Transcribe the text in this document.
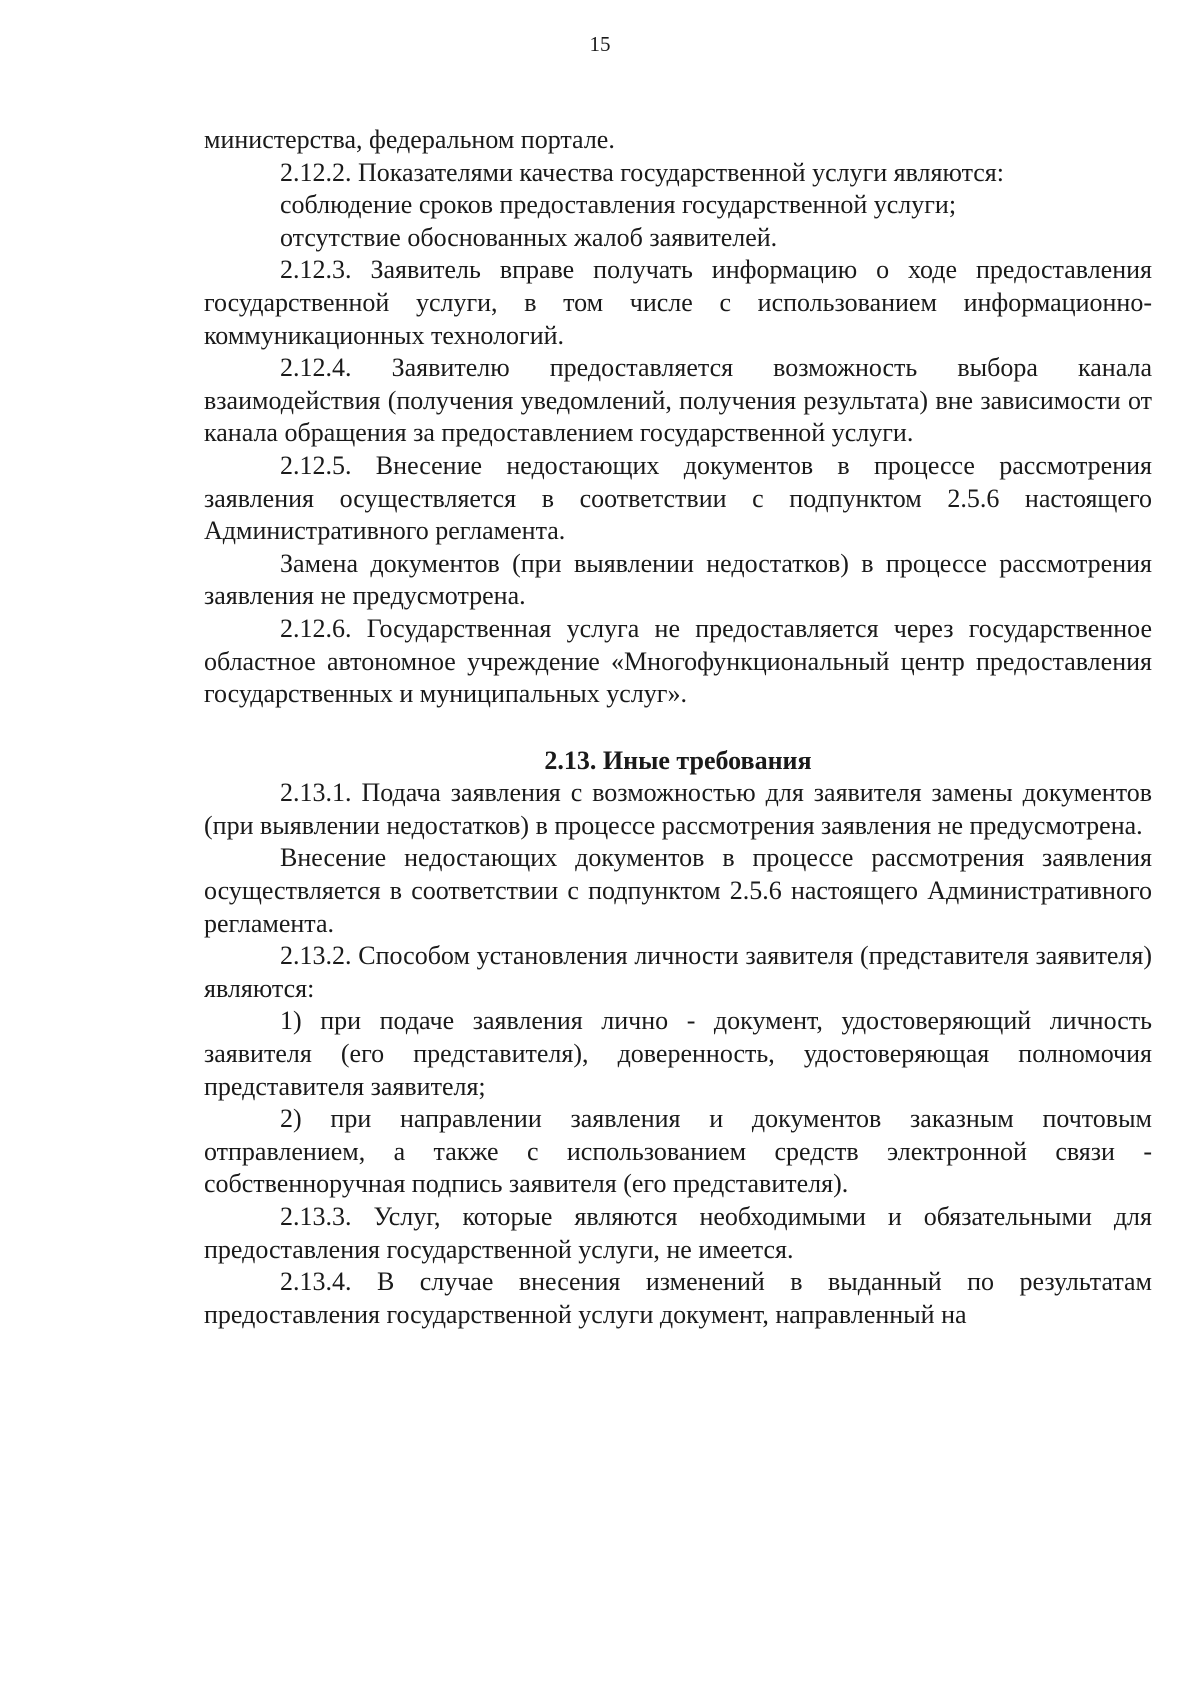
15

министерства, федеральном портале.

2.12.2. Показателями качества государственной услуги являются:

соблюдение сроков предоставления государственной услуги;

отсутствие обоснованных жалоб заявителей.

2.12.3. Заявитель вправе получать информацию о ходе предоставления государственной услуги, в том числе с использованием информационно-коммуникационных технологий.

2.12.4. Заявителю предоставляется возможность выбора канала взаимодействия (получения уведомлений, получения результата) вне зависимости от канала обращения за предоставлением государственной услуги.

2.12.5. Внесение недостающих документов в процессе рассмотрения заявления осуществляется в соответствии с подпунктом 2.5.6 настоящего Административного регламента.

Замена документов (при выявлении недостатков) в процессе рассмотрения заявления не предусмотрена.

2.12.6. Государственная услуга не предоставляется через государственное областное автономное учреждение «Многофункциональный центр предоставления государственных и муниципальных услуг».

2.13. Иные требования

2.13.1. Подача заявления с возможностью для заявителя замены документов (при выявлении недостатков) в процессе рассмотрения заявления не предусмотрена.

Внесение недостающих документов в процессе рассмотрения заявления осуществляется в соответствии с подпунктом 2.5.6 настоящего Административного регламента.

2.13.2. Способом установления личности заявителя (представителя заявителя) являются:

1) при подаче заявления лично - документ, удостоверяющий личность заявителя (его представителя), доверенность, удостоверяющая полномочия представителя заявителя;

2) при направлении заявления и документов заказным почтовым отправлением, а также с использованием средств электронной связи - собственноручная подпись заявителя (его представителя).

2.13.3. Услуг, которые являются необходимыми и обязательными для предоставления государственной услуги, не имеется.

2.13.4. В случае внесения изменений в выданный по результатам предоставления государственной услуги документ, направленный на
